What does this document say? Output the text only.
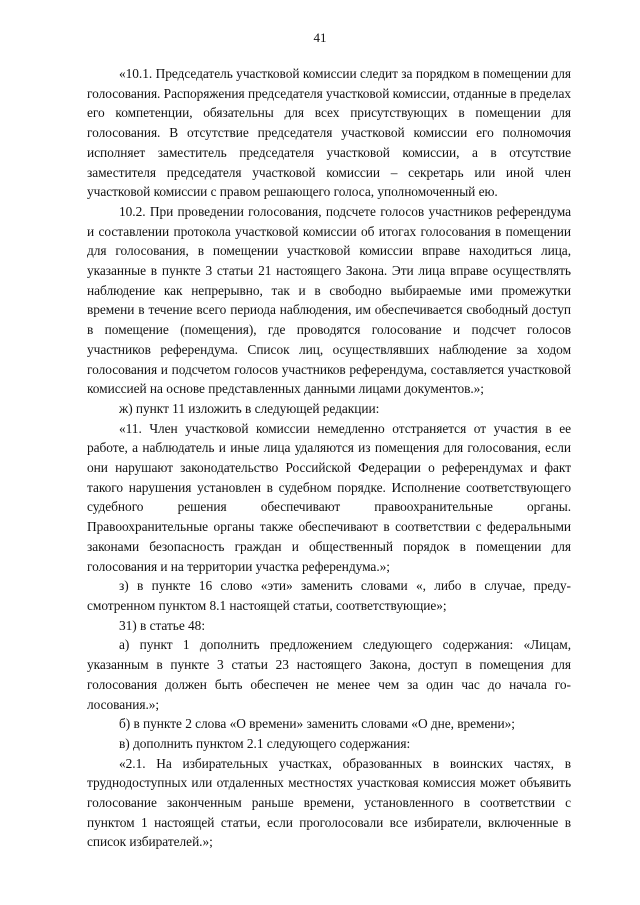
41

«10.1. Председатель участковой комиссии следит за порядком в помещении для голосования. Распоряжения председателя участковой комиссии, отданные в пределах его компетенции, обязательны для всех присутствующих в помещении для голосования. В отсутствие председателя участковой комиссии его полномочия исполняет заместитель председателя участковой комиссии, а в отсутствие заместителя председателя участковой комиссии – секретарь или иной член участковой комиссии с правом решающего голоса, уполномоченный ею.

10.2. При проведении голосования, подсчете голосов участников референдума и составлении протокола участковой комиссии об итогах голосования в помещении для голосования, в помещении участковой комиссии вправе находиться лица, указанные в пункте 3 статьи 21 настоящего Закона. Эти лица вправе осуществлять наблюдение как непрерывно, так и в свободно выбираемые ими промежутки времени в течение всего периода наблюдения, им обеспечивается свободный доступ в помещение (помещения), где проводятся голосование и подсчет голосов участников референдума. Список лиц, осуществлявших наблюдение за ходом голосования и подсчетом голосов участников референдума, составляется участковой комиссией на основе представленных данными лицами документов.»;

ж) пункт 11 изложить в следующей редакции:

«11. Член участковой комиссии немедленно отстраняется от участия в ее работе, а наблюдатель и иные лица удаляются из помещения для голосования, если они нарушают законодательство Российской Федерации о референдумах и факт такого нарушения установлен в судебном порядке. Исполнение соответствующего судебного решения обеспечивают правоохранительные органы. Правоохранительные органы также обеспечивают в соответствии с федеральными законами безопасность граждан и общественный порядок в помещении для голосования и на территории участка референдума.»;

з) в пункте 16 слово «эти» заменить словами «, либо в случае, предусмотренном пунктом 8.1 настоящей статьи, соответствующие»;

31) в статье 48:

а) пункт 1 дополнить предложением следующего содержания: «Лицам, указанным в пункте 3 статьи 23 настоящего Закона, доступ в помещения для голосования должен быть обеспечен не менее чем за один час до начала голосования.»;

б) в пункте 2 слова «О времени» заменить словами «О дне, времени»;

в) дополнить пунктом 2.1 следующего содержания:

«2.1. На избирательных участках, образованных в воинских частях, в труднодоступных или отдаленных местностях участковая комиссия может объявить голосование законченным раньше времени, установленного в соответствии с пунктом 1 настоящей статьи, если проголосовали все избиратели, включенные в список избирателей.»;
